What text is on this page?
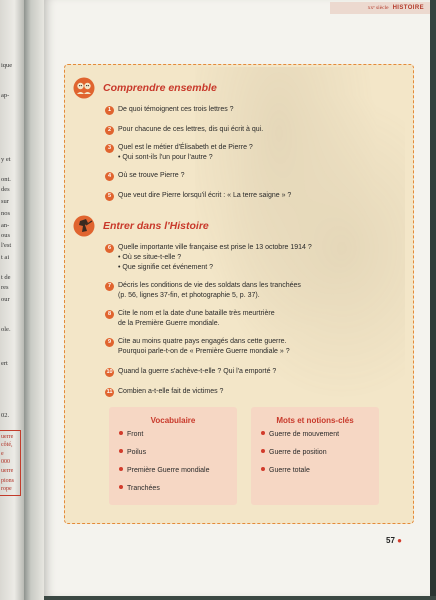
ique
ap-
y et
ont.
des
sur
nos
an-
ous
l'est
t ai
t de
res
our
ole.
ert
02.
uerre
côté,
e
000
uerre
pions
rope
xxᵉ siècle HISTOIRE
Comprendre ensemble
1 De quoi témoignent ces trois lettres ?
2 Pour chacune de ces lettres, dis qui écrit à qui.
3 Quel est le métier d'Élisabeth et de Pierre ?
• Qui sont-ils l'un pour l'autre ?
4 Où se trouve Pierre ?
5 Que veut dire Pierre lorsqu'il écrit : « La terre saigne » ?
Entrer dans l'Histoire
6 Quelle importante ville française est prise le 13 octobre 1914 ?
• Où se situe-t-elle ?
• Que signifie cet événement ?
7 Décris les conditions de vie des soldats dans les tranchées
(p. 56, lignes 37-fin, et photographie 5, p. 37).
8 Cite le nom et la date d'une bataille très meurtrière
de la Première Guerre mondiale.
9 Cite au moins quatre pays engagés dans cette guerre.
Pourquoi parle-t-on de « Première Guerre mondiale » ?
10 Quand la guerre s'achève-t-elle ? Qui l'a emporté ?
11 Combien a-t-elle fait de victimes ?
Vocabulaire
Front
Poilus
Première Guerre mondiale
Tranchées
Mots et notions-clés
Guerre de mouvement
Guerre de position
Guerre totale
57 ●
